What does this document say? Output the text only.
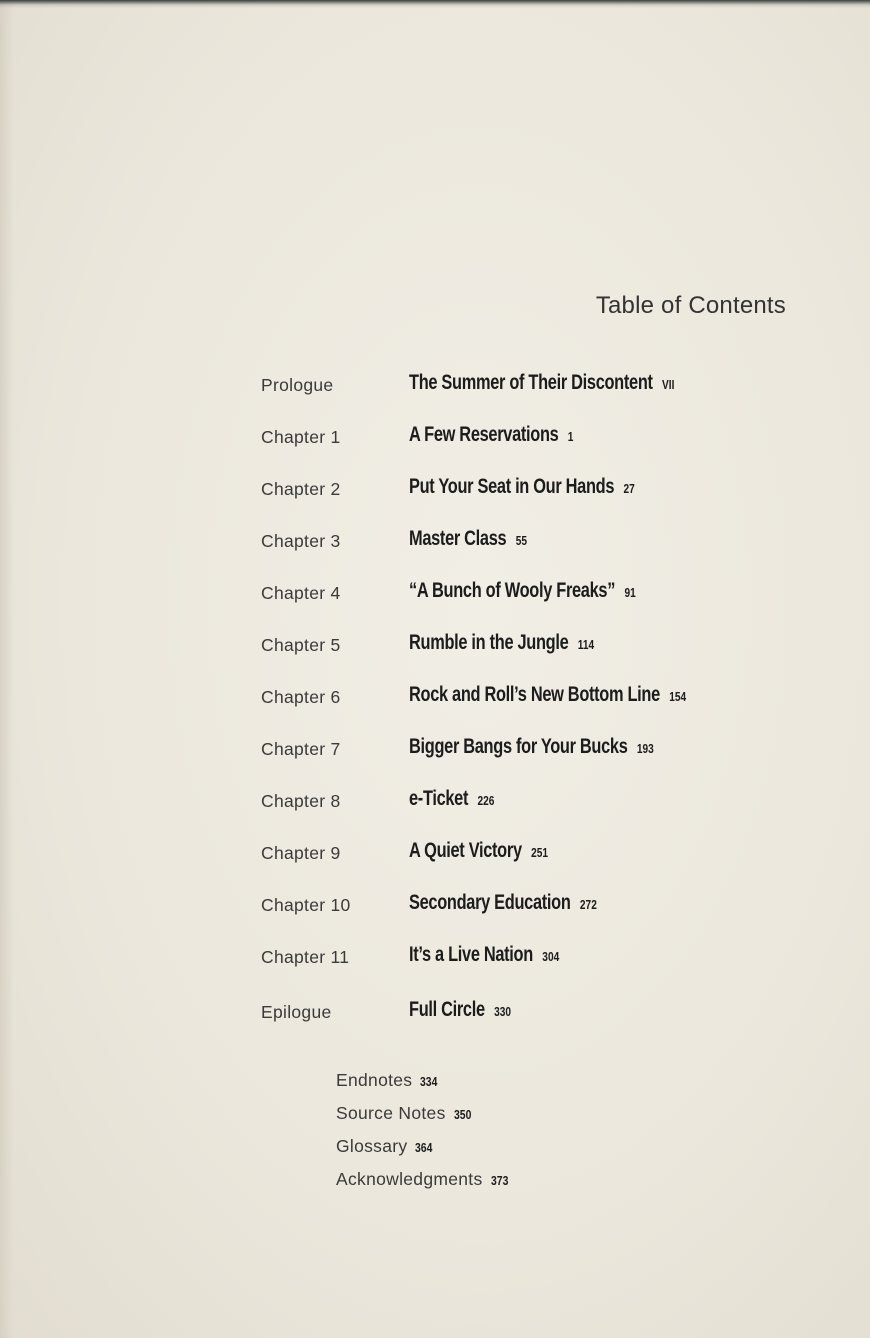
Table of Contents
Prologue	The Summer of Their Discontent VII
Chapter 1	A Few Reservations 1
Chapter 2	Put Your Seat in Our Hands 27
Chapter 3	Master Class 55
Chapter 4	“A Bunch of Wooly Freaks” 91
Chapter 5	Rumble in the Jungle 114
Chapter 6	Rock and Roll’s New Bottom Line 154
Chapter 7	Bigger Bangs for Your Bucks 193
Chapter 8	e-Ticket 226
Chapter 9	A Quiet Victory 251
Chapter 10	Secondary Education 272
Chapter 11	It’s a Live Nation 304
Epilogue	Full Circle 330
Endnotes 334
Source Notes 350
Glossary 364
Acknowledgments 373
